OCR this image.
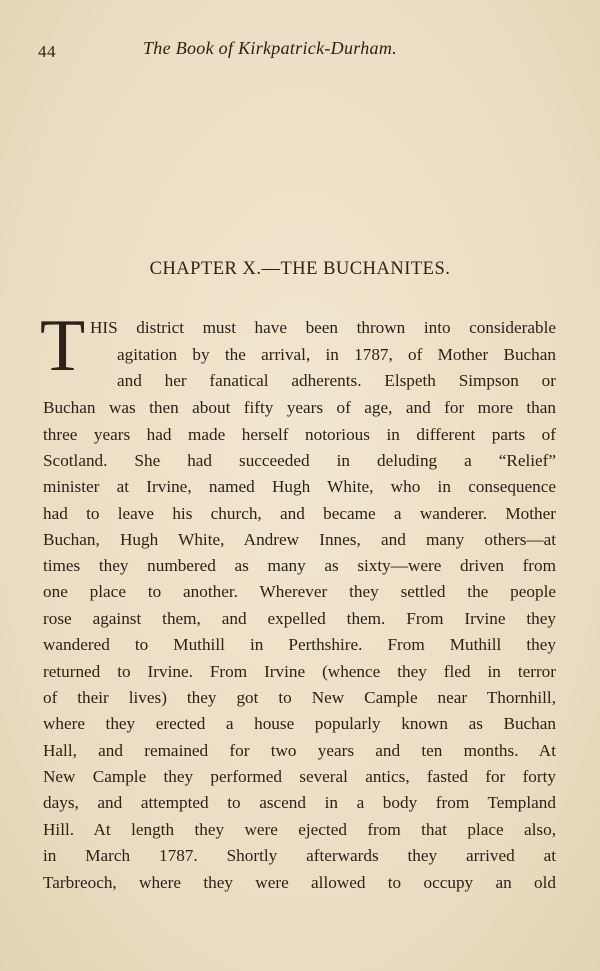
44	The Book of Kirkpatrick-Durham.
CHAPTER X.—THE BUCHANITES.
T HIS district must have been thrown into considerable
agitation by the arrival, in 1787, of Mother Buchan
and her fanatical adherents. Elspeth Simpson or
Buchan was then about fifty years of age, and for more than
three years had made herself notorious in different parts of
Scotland. She had succeeded in deluding a “Relief”
minister at Irvine, named Hugh White, who in consequence
had to leave his church, and became a wanderer. Mother
Buchan, Hugh White, Andrew Innes, and many others—at
times they numbered as many as sixty—were driven from
one place to another. Wherever they settled the people
rose against them, and expelled them. From Irvine they
wandered to Muthill in Perthshire. From Muthill they
returned to Irvine. From Irvine (whence they fled in terror
of their lives) they got to New Cample near Thornhill,
where they erected a house popularly known as Buchan
Hall, and remained for two years and ten months. At
New Cample they performed several antics, fasted for forty
days, and attempted to ascend in a body from Templand
Hill. At length they were ejected from that place also,
in March 1787. Shortly afterwards they arrived at
Tarbreoch, where they were allowed to occupy an old
